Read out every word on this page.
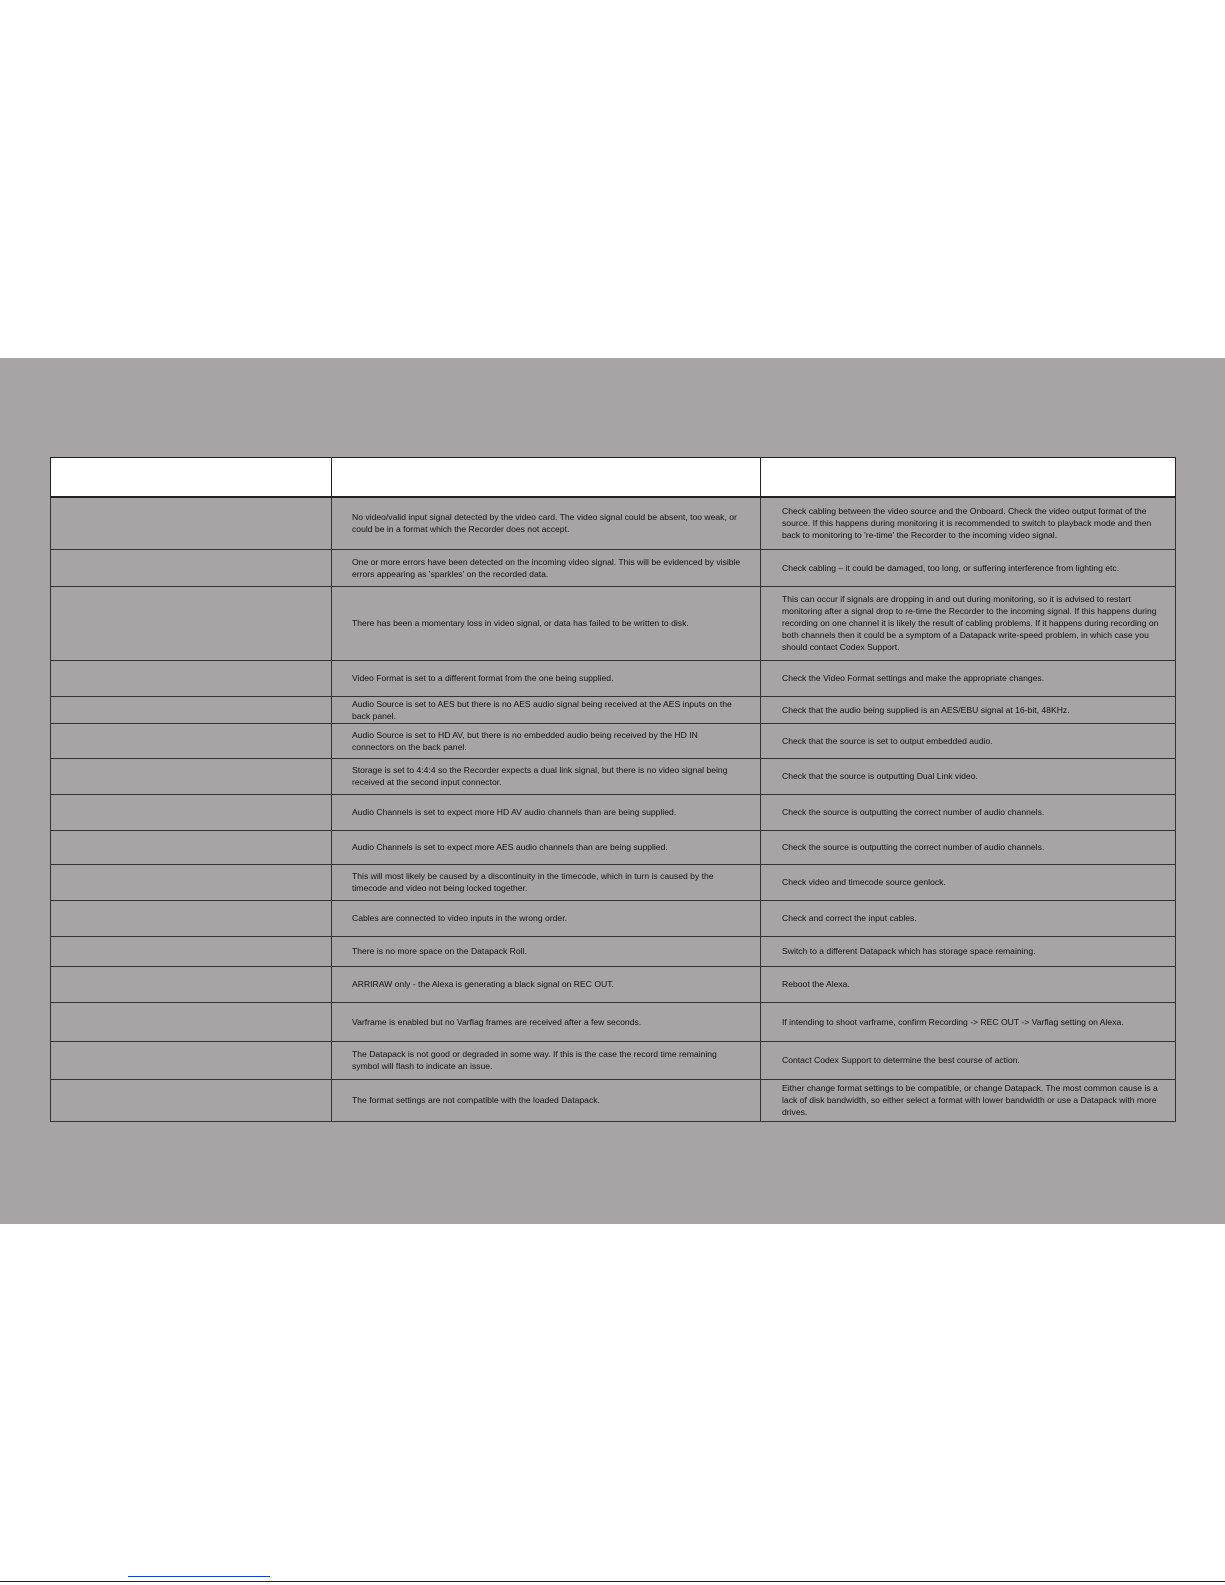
	No video/valid input signal detected by the video card. The video signal could be absent, too weak, or could be in a format which the Recorder does not accept.	Check cabling between the video source and the Onboard. Check the video output format of the source. If this happens during monitoring it is recommended to switch to playback mode and then back to monitoring to 're-time' the Recorder to the incoming video signal.
	One or more errors have been detected on the incoming video signal. This will be evidenced by visible errors appearing as 'sparkles' on the recorded data.	Check cabling – it could be damaged, too long, or suffering interference from lighting etc.
	There has been a momentary loss in video signal, or data has failed to be written to disk.	This can occur if signals are dropping in and out during monitoring, so it is advised to restart monitoring after a signal drop to re-time the Recorder to the incoming signal. If this happens during recording on one channel it is likely the result of cabling problems. If it happens during recording on both channels then it could be a symptom of a Datapack write-speed problem, in which case you should contact Codex Support.
	Video Format is set to a different format from the one being supplied.	Check the Video Format settings and make the appropriate changes.
	Audio Source is set to AES but there is no AES audio signal being received at the AES inputs on the back panel.	Check that the audio being supplied is an AES/EBU signal at 16-bit, 48KHz.
	Audio Source is set to HD AV, but there is no embedded audio being received by the HD IN connectors on the back panel.	Check that the source is set to output embedded audio.
	Storage is set to 4:4:4 so the Recorder expects a dual link signal, but there is no video signal being received at the second input connector.	Check that the source is outputting Dual Link video.
	Audio Channels is set to expect more HD AV audio channels than are being supplied.	Check the source is outputting the correct number of audio channels.
	Audio Channels is set to expect more AES audio channels than are being supplied.	Check the source is outputting the correct number of audio channels.
	This will most likely be caused by a discontinuity in the timecode, which in turn is caused by the timecode and video not being locked together.	Check video and timecode source genlock.
	Cables are connected to video inputs in the wrong order.	Check and correct the input cables.
	There is no more space on the Datapack Roll.	Switch to a different Datapack which has storage space remaining.
	ARRIRAW only - the Alexa is generating a black signal on REC OUT.	Reboot the Alexa.
	Varframe is enabled but no Varflag frames are received after a few seconds.	If intending to shoot varframe, confirm Recording -> REC OUT -> Varflag setting on Alexa.
	The Datapack is not good or degraded in some way. If this is the case the record time remaining symbol will flash to indicate an issue.	Contact Codex Support to determine the best course of action.
	The format settings are not compatible with the loaded Datapack.	Either change format settings to be compatible, or change Datapack. The most common cause is a lack of disk bandwidth, so either select a format with lower bandwidth or use a Datapack with more drives.
